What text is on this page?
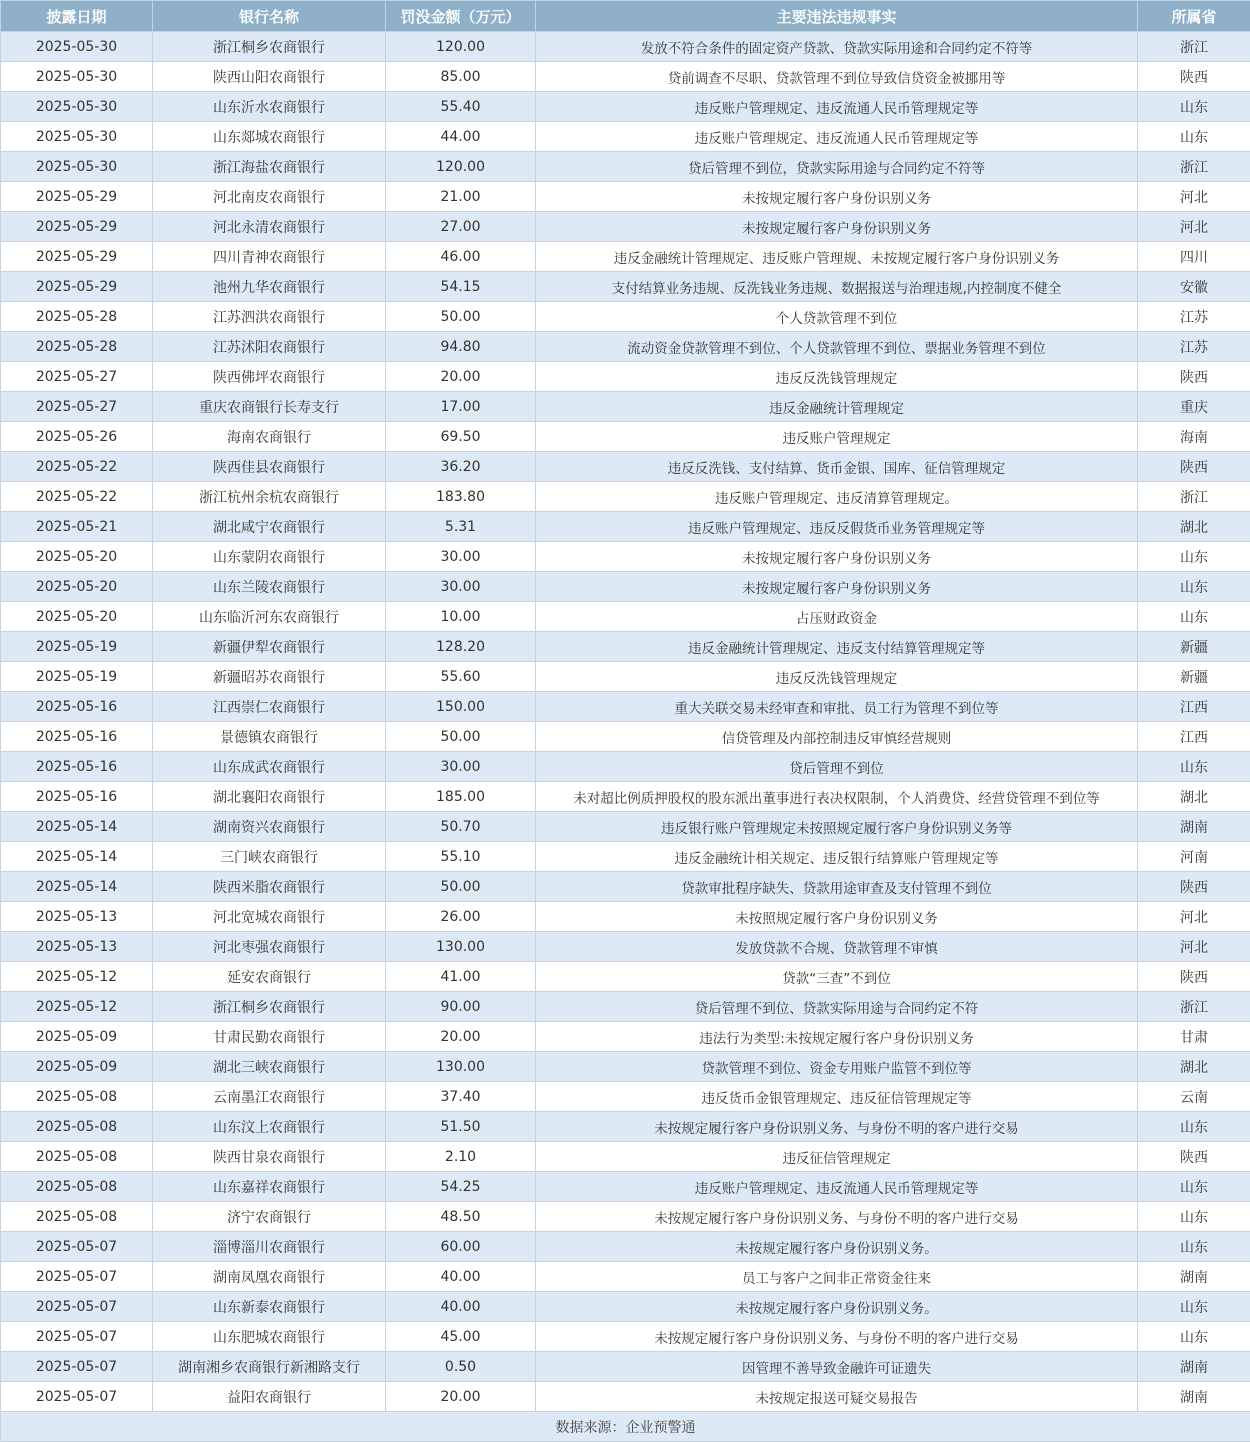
披露日期	银行名称	罚没金额（万元）	主要违法违规事实	所属省
2025-05-30	浙江桐乡农商银行	120.00	发放不符合条件的固定资产贷款、贷款实际用途和合同约定不符等	浙江
2025-05-30	陕西山阳农商银行	85.00	贷前调查不尽职、贷款管理不到位导致信贷资金被挪用等	陕西
2025-05-30	山东沂水农商银行	55.40	违反账户管理规定、违反流通人民币管理规定等	山东
2025-05-30	山东郯城农商银行	44.00	违反账户管理规定、违反流通人民币管理规定等	山东
2025-05-30	浙江海盐农商银行	120.00	贷后管理不到位，贷款实际用途与合同约定不符等	浙江
2025-05-29	河北南皮农商银行	21.00	未按规定履行客户身份识别义务	河北
2025-05-29	河北永清农商银行	27.00	未按规定履行客户身份识别义务	河北
2025-05-29	四川青神农商银行	46.00	违反金融统计管理规定、违反账户管理规、未按规定履行客户身份识别义务	四川
2025-05-29	池州九华农商银行	54.15	支付结算业务违规、反洗钱业务违规、数据报送与治理违规,内控制度不健全	安徽
2025-05-28	江苏泗洪农商银行	50.00	个人贷款管理不到位	江苏
2025-05-28	江苏沭阳农商银行	94.80	流动资金贷款管理不到位、个人贷款管理不到位、票据业务管理不到位	江苏
2025-05-27	陕西佛坪农商银行	20.00	违反反洗钱管理规定	陕西
2025-05-27	重庆农商银行长寿支行	17.00	违反金融统计管理规定	重庆
2025-05-26	海南农商银行	69.50	违反账户管理规定	海南
2025-05-22	陕西佳县农商银行	36.20	违反反洗钱、支付结算、货币金银、国库、征信管理规定	陕西
2025-05-22	浙江杭州余杭农商银行	183.80	违反账户管理规定、违反清算管理规定。	浙江
2025-05-21	湖北咸宁农商银行	5.31	违反账户管理规定、违反反假货币业务管理规定等	湖北
2025-05-20	山东蒙阴农商银行	30.00	未按规定履行客户身份识别义务	山东
2025-05-20	山东兰陵农商银行	30.00	未按规定履行客户身份识别义务	山东
2025-05-20	山东临沂河东农商银行	10.00	占压财政资金	山东
2025-05-19	新疆伊犁农商银行	128.20	违反金融统计管理规定、违反支付结算管理规定等	新疆
2025-05-19	新疆昭苏农商银行	55.60	违反反洗钱管理规定	新疆
2025-05-16	江西崇仁农商银行	150.00	重大关联交易未经审查和审批、员工行为管理不到位等	江西
2025-05-16	景德镇农商银行	50.00	信贷管理及内部控制违反审慎经营规则	江西
2025-05-16	山东成武农商银行	30.00	贷后管理不到位	山东
2025-05-16	湖北襄阳农商银行	185.00	未对超比例质押股权的股东派出董事进行表决权限制，个人消费贷、经营贷管理不到位等	湖北
2025-05-14	湖南资兴农商银行	50.70	违反银行账户管理规定未按照规定履行客户身份识别义务等	湖南
2025-05-14	三门峡农商银行	55.10	违反金融统计相关规定、违反银行结算账户管理规定等	河南
2025-05-14	陕西米脂农商银行	50.00	贷款审批程序缺失、贷款用途审查及支付管理不到位	陕西
2025-05-13	河北宽城农商银行	26.00	未按照规定履行客户身份识别义务	河北
2025-05-13	河北枣强农商银行	130.00	发放贷款不合规、贷款管理不审慎	河北
2025-05-12	延安农商银行	41.00	贷款“三查”不到位	陕西
2025-05-12	浙江桐乡农商银行	90.00	贷后管理不到位、贷款实际用途与合同约定不符	浙江
2025-05-09	甘肃民勤农商银行	20.00	违法行为类型:未按规定履行客户身份识别义务	甘肃
2025-05-09	湖北三峡农商银行	130.00	贷款管理不到位、资金专用账户监管不到位等	湖北
2025-05-08	云南墨江农商银行	37.40	违反货币金银管理规定、违反征信管理规定等	云南
2025-05-08	山东汶上农商银行	51.50	未按规定履行客户身份识别义务、与身份不明的客户进行交易	山东
2025-05-08	陕西甘泉农商银行	2.10	违反征信管理规定	陕西
2025-05-08	山东嘉祥农商银行	54.25	违反账户管理规定、违反流通人民币管理规定等	山东
2025-05-08	济宁农商银行	48.50	未按规定履行客户身份识别义务、与身份不明的客户进行交易	山东
2025-05-07	淄博淄川农商银行	60.00	未按规定履行客户身份识别义务。	山东
2025-05-07	湖南凤凰农商银行	40.00	员工与客户之间非正常资金往来	湖南
2025-05-07	山东新泰农商银行	40.00	未按规定履行客户身份识别义务。	山东
2025-05-07	山东肥城农商银行	45.00	未按规定履行客户身份识别义务、与身份不明的客户进行交易	山东
2025-05-07	湖南湘乡农商银行新湘路支行	0.50	因管理不善导致金融许可证遗失	湖南
2025-05-07	益阳农商银行	20.00	未按规定报送可疑交易报告	湖南
数据来源：企业预警通				
